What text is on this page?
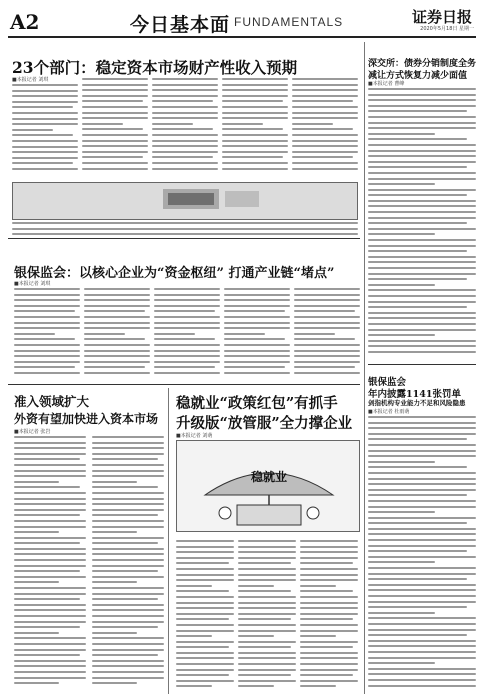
A2	今日基本面 FUNDAMENTALS	证券日报
2020年5月18日 星期一
23个部门：稳定资本市场财产性收入预期
■本报记者 刘琪
银保监会：以核心企业为“资金枢纽” 打通产业链“堵点”
■本报记者 刘琪
准入领域扩大
外资有望加快进入资本市场
■本报记者 张岩
稳就业“政策红包”有抓手
升级版“放管服”全力撑企业
■本报记者 刘萌
稳就业
深交所：债券分销制度全务
减让方式恢复力减少面值
■本报记者 曹峰
银保监会
年内披露1141张罚单
剑指机构专业能力不足和风险隐患
■本报记者 杜雨萌
